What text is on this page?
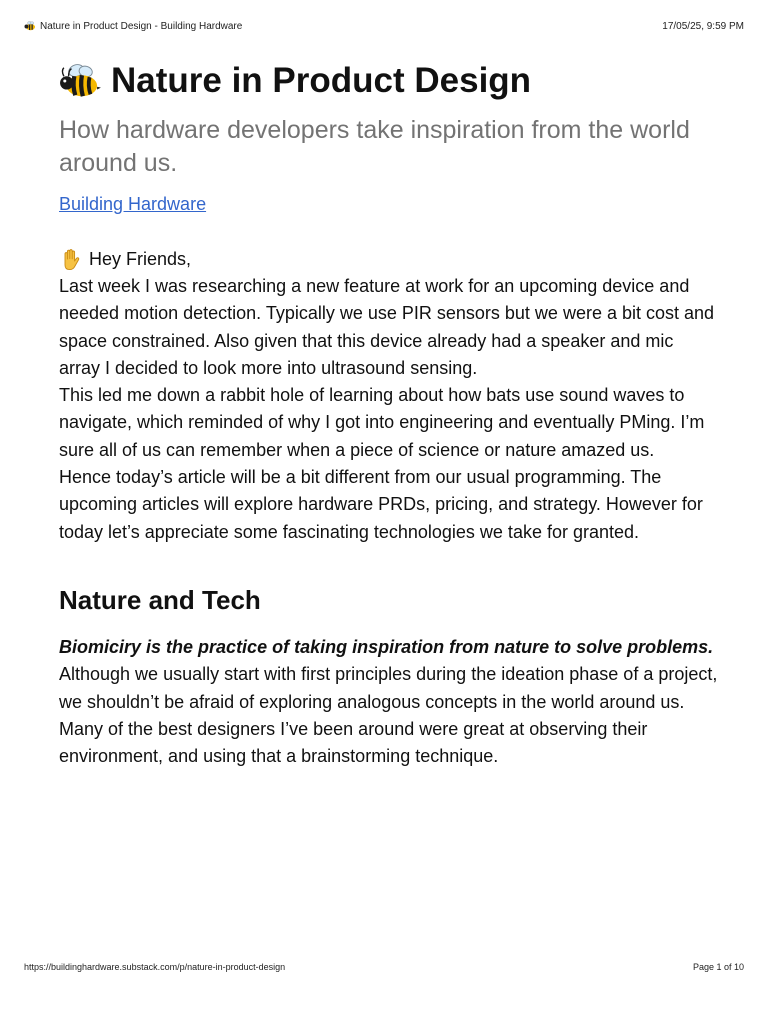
Nature in Product Design - Building Hardware	17/05/25, 9:59 PM
Nature in Product Design
How hardware developers take inspiration from the world around us.
Building Hardware
Hey Friends,

Last week I was researching a new feature at work for an upcoming device and needed motion detection. Typically we use PIR sensors but we were a bit cost and space constrained. Also given that this device already had a speaker and mic array I decided to look more into ultrasound sensing.

This led me down a rabbit hole of learning about how bats use sound waves to navigate, which reminded of why I got into engineering and eventually PMing. I’m sure all of us can remember when a piece of science or nature amazed us.

Hence today’s article will be a bit different from our usual programming. The upcoming articles will explore hardware PRDs, pricing, and strategy. However for today let’s appreciate some fascinating technologies we take for granted.

Nature and Tech

Biomiciry is the practice of taking inspiration from nature to solve problems.

Although we usually start with first principles during the ideation phase of a project, we shouldn’t be afraid of exploring analogous concepts in the world around us. Many of the best designers I’ve been around were great at observing their environment, and using that a brainstorming technique.

https://buildinghardware.substack.com/p/nature-in-product-design	Page 1 of 10
